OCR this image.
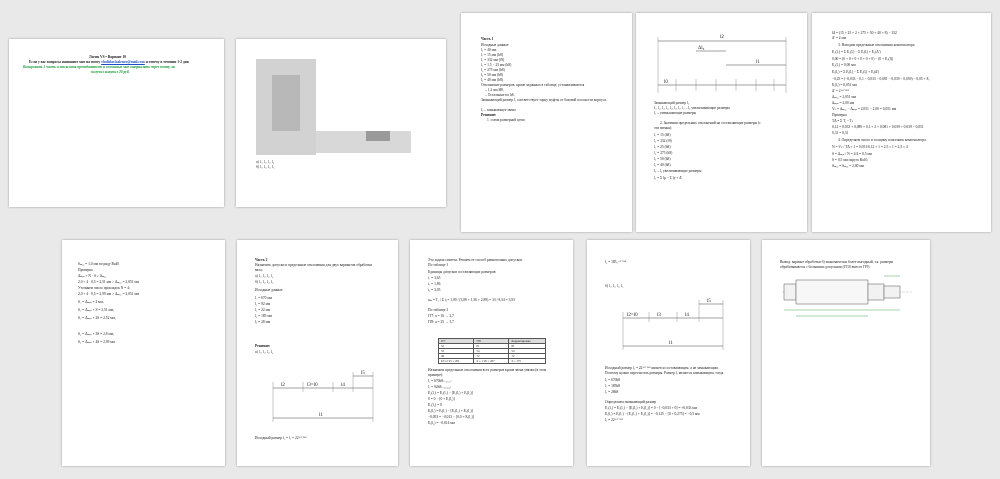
Логин VS • Вариант 10
Если у вас вопросы напишите мне на почту vladislav.kalenov@mail.com и отвечу в течении 1-2 дня
Копировать 1 часть и отсылать преподавателю и сплошные мне отправлять через почту, он
получил выкупил 20 руб.
а) l₁, l₂, l₃, l₄
б) l₁, l₂, l₃, l₅
Часть 1
Исходные данные
l₀ = 40 мм.
l₁ = 15 мм (h8)
l₂ = 332 мм (f9)
l₃ = 1,5 − 25 мм (h8)
l₄ = 275 мм (h8)
l₅ = 50 мм (h8)
l₆ = 40 мм (h8)
Отклонение размеров, кроме заданных в таблице, устанавливаются
– 1,2 мм H8,
– Остальные по h8.
Замыкающий размер l₀ соответствует торцу муфты от базовой плоскости корпуса.
l₀ – замыкающее звено
Решение:
1. схема размерной цепи
l2
Δl₆
l1
l0
Замыкающий размер l₀
l₁, l₂, l₃, l₄, l₅, l₆, l₇, l₈ – l₈ увеличивающие размеры
l₂ – уменьшающие размеры
2. Значения предельных отклонений на составляющие размеры (с
эти звенья):
l₁ = 15 (h8)
l₂ = 332 (f9)
l₃ = 25 (h8)
l₄ = 275 (h8)
l₅ = 50 (h8)
l₆ = 40 (h8)
l₀ – l₈ увеличивающие размеры
l₀ = Σ lр − Σ lу + Δ'
lΔ = (15 + 25 + 2 + 275 + 50 + 40 + 8) − 332
Δ' = 2 мм
3. Находим предельные отклонения компенсатора
E₀(l₀) = Σ E₀(lᵢ) − Σ Eᵢ(lᵢ) + E₀(Δ')
0,00 = (0 + 0 + 0 + 0 + 0 + 0) − (0 + E₀(l))
E₀(l₀) = 0,00 мм
Eᵢ(l₀) = Σ Eᵢ(lᵢ) − Σ E₀(lᵢ) + Eᵢ(Δ')
−0,25 = (−0,033 − 0,1 − 0,033 − 0,081 − 0,039 − 0,039) − 0,05 + Eᵢ
Eᵢ(l₀) = 0,051 мм
Δ' = 2⁺⁰˙⁰⁵¹
Δₘₐₓ = 2,051 мм
Δₘᵢₙ = 2,00 мм
Vₖ = Δₘₐₓ − Δₘᵢₙ = 2,051 − 2,00 = 0,051 мм
Проверка
TΔ = Σ Tᵢ − Tₖ
0,12 = 0,033 + 0,089 + 0,1 + 2 + 0,081 + 0,039 + 0,039 − 0,051
0,31 = 0,31
4. Определяем число и толщину пластинок компенсатора
N = Vₖ / TΔ + 1 = 0,051/0,12 + 1 = 2,5 ≈ 1 = 2,5 ≈ 4
S = Δₘᵢₙ / N = 2/4 = 0,5 мм
S = 0,5 мм округл Ra10,
Sₘₐₓ = Sₘₐₓ = 2,00 мм
Sₘₐₓ = 1,0 мм по ряду Ra40
Проверка
Δₘᵢₙ + N · S ≥ Δₘₐₓ
2,0 + 4 · 0,5 = 2,51 мм > Δₘₐₓ = 2,051 мм
Уточняем число прокладок N = 4;
2,0 + 4 · 0,5 = 2,99 мм > Δₘₐₓ = 2,051 мм
S₁ = Δₘᵢₙ = 2 мм,
S₂ = Δₘᵢₙ + S = 2,51 мм,
S₃ = Δₘᵢₙ + 2S = 2,52 мм,
S₄ = Δₘᵢₙ + 3S = 2,8 мм,
S₅ = Δₘᵢₙ + 4S = 2,99 мм.
Часть 2
Назначить допуски и предельные отклонения для двух вариантов обработки
вала:
а) l₁, l₂, l₃, l₄
б) l₁, l₂, l₃, l₅
Исходные данные
l₁ = 670 мм
l₂ = 92 мм
l₃ = 22 мм
l₄ = 185 мм
l₅ = 28 мм
Решение:
а) l₁, l₂, l₃, l₄
l2	l3=l0	l4
l5
l1
Исходный размер l₀ = l₃ = 22⁺⁰˙¹⁴³
Это задача синтеза. Решаем ее способ равноточных допусков.
По таблице 1
Единицы допусков составляющих размеров:
i₁ = 3,65
i₂ = 1,86
i₄ = 3,05
aₘ = T₀ / Σ iⱼ = 1,09 / (3,89 + 1,56 + 2,89) = 33 / 8,34 = 3,93
По таблице 3
IT7: a = 16 → 2,7
IT8: a = 25 → 3,7
IT7	IT8	Корректировка
52	81	81
35	54	54
46	72	72
ΣT=2·25 = 201	Σ = 1·20 = 207	Σ = 175
Назначаем предельные отклонения всех размеров кроме звена увязки (в этом
примере):
l₁ = 670h8₍₋₀,₁₂₎
l₂ = 92h8₍₋₀,₀₅₄₎
E₀(l₃) = E₀(l₁) − [Eᵢ(l₂) + Eᵢ(l₄)]
0 = 0 − [0 + Eᵢ(l₄)]
E₀(l₄) = 0
Eᵢ(l₃) = Eᵢ(l₁) − [E₀(l₂) + E₀(l₄)]
−0,053 = −0,013 − [0,0 + Eᵢ(l₄)]
Eᵢ(l₄) = −0,014 мм
l₄ = 185₀⁻⁰˙⁰¹⁴
б) l₁, l₂, l₃, l₅
l2=l0	l3	l4
l5
l1
Исходный размер l₀ = 22⁺⁰˙¹⁴³ является составляющим, а не замыкающим.
Поэтому нужно пересчитать размеры. Размер l₀ является замыкающим, тогда
l₀ = 670h8
l₁ = 185h8
l₃ = 28h8
Определяем замыкающий размер
E₀(l₃) = E₀(l₁) − [Eᵢ(l₂) + Eᵢ(l₄)] = 0 − [−0,033 + 0] = +0,033 мм
Eᵢ(l₃) = Eᵢ(l₁) − [E₀(l₂) + E₀(l₄)] = −0,125 − [0 + 0,275] = −0,5 мм
l₀ = 22⁺⁰˙⁰³³
Вывод: вариант обработки б) экономически более выгодный, т.к. размеры
обрабатываются с большими допусками (IT10 вместо IT9)
